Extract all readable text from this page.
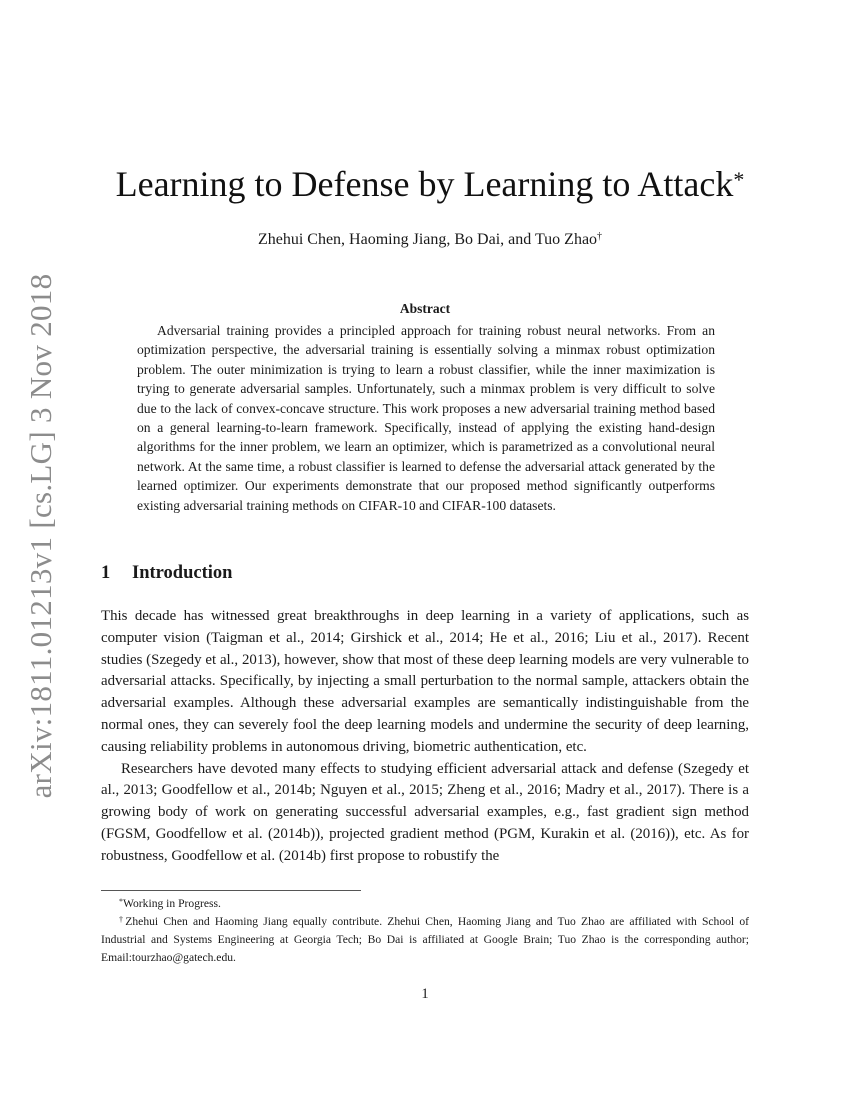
arXiv:1811.01213v1 [cs.LG] 3 Nov 2018
Learning to Defense by Learning to Attack*
Zhehui Chen, Haoming Jiang, Bo Dai, and Tuo Zhao†
Abstract
Adversarial training provides a principled approach for training robust neural networks. From an optimization perspective, the adversarial training is essentially solving a minmax robust optimization problem. The outer minimization is trying to learn a robust classifier, while the inner maximization is trying to generate adversarial samples. Unfortunately, such a minmax problem is very difficult to solve due to the lack of convex-concave structure. This work proposes a new adversarial training method based on a general learning-to-learn framework. Specifically, instead of applying the existing hand-design algorithms for the inner problem, we learn an optimizer, which is parametrized as a convolutional neural network. At the same time, a robust classifier is learned to defense the adversarial attack generated by the learned optimizer. Our experiments demonstrate that our proposed method significantly outperforms existing adversarial training methods on CIFAR-10 and CIFAR-100 datasets.
1 Introduction

This decade has witnessed great breakthroughs in deep learning in a variety of applications, such as computer vision (Taigman et al., 2014; Girshick et al., 2014; He et al., 2016; Liu et al., 2017). Recent studies (Szegedy et al., 2013), however, show that most of these deep learning models are very vulnerable to adversarial attacks. Specifically, by injecting a small perturbation to the normal sample, attackers obtain the adversarial examples. Although these adversarial examples are semantically indistinguishable from the normal ones, they can severely fool the deep learning models and undermine the security of deep learning, causing reliability problems in autonomous driving, biometric authentication, etc.

Researchers have devoted many effects to studying efficient adversarial attack and defense (Szegedy et al., 2013; Goodfellow et al., 2014b; Nguyen et al., 2015; Zheng et al., 2016; Madry et al., 2017). There is a growing body of work on generating successful adversarial examples, e.g., fast gradient sign method (FGSM, Goodfellow et al. (2014b)), projected gradient method (PGM, Kurakin et al. (2016)), etc. As for robustness, Goodfellow et al. (2014b) first propose to robustify the

*Working in Progress.

†Zhehui Chen and Haoming Jiang equally contribute. Zhehui Chen, Haoming Jiang and Tuo Zhao are affiliated with School of Industrial and Systems Engineering at Georgia Tech; Bo Dai is affiliated at Google Brain; Tuo Zhao is the corresponding author; Email:tourzhao@gatech.edu.

1
